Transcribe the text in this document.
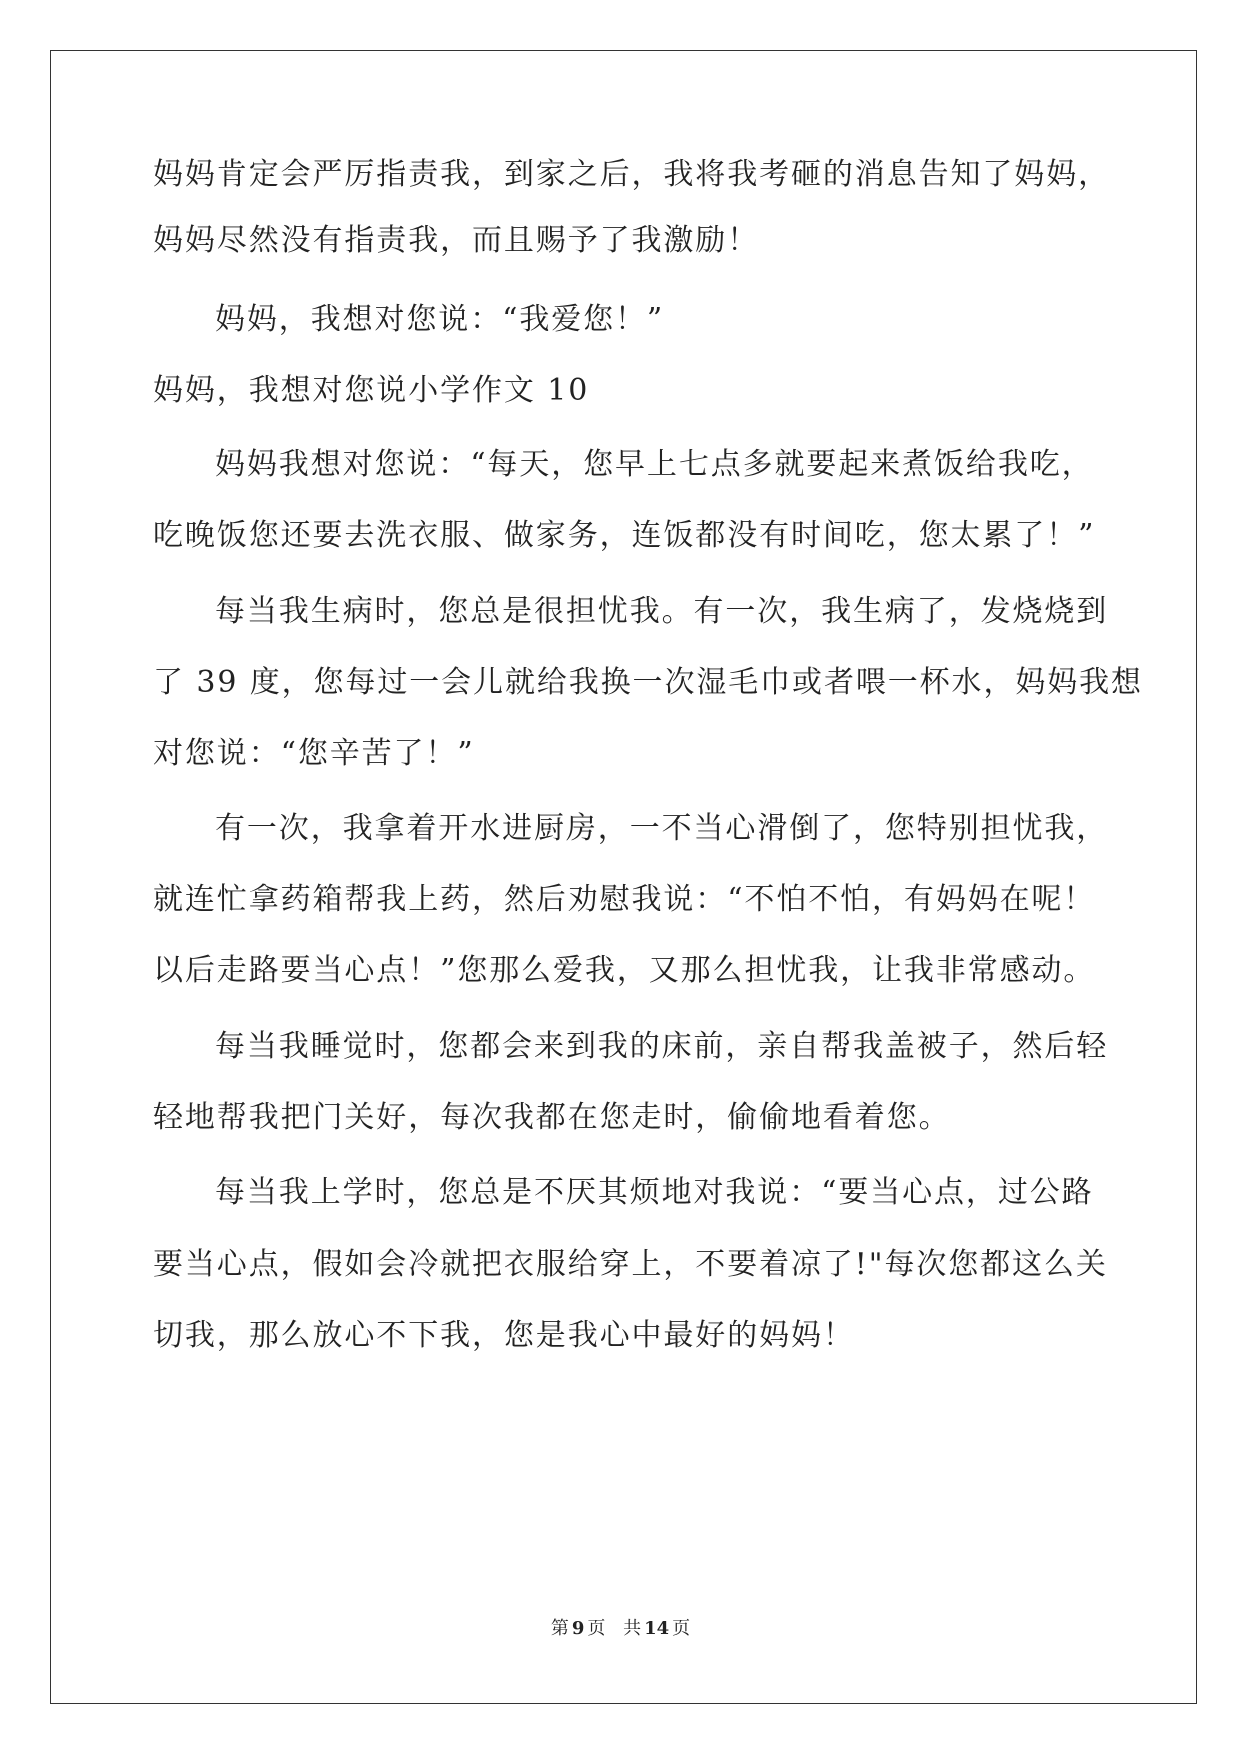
妈妈肯定会严厉指责我，到家之后，我将我考砸的消息告知了妈妈，
妈妈尽然没有指责我，而且赐予了我激励！
妈妈，我想对您说：“我爱您！”
妈妈，我想对您说小学作文 10
妈妈我想对您说：“每天，您早上七点多就要起来煮饭给我吃，
吃晚饭您还要去洗衣服、做家务，连饭都没有时间吃，您太累了！”
每当我生病时，您总是很担忧我。有一次，我生病了，发烧烧到
了 39 度，您每过一会儿就给我换一次湿毛巾或者喂一杯水，妈妈我想
对您说：“您辛苦了！”
有一次，我拿着开水进厨房，一不当心滑倒了，您特别担忧我，
就连忙拿药箱帮我上药，然后劝慰我说：“不怕不怕，有妈妈在呢！
以后走路要当心点！”您那么爱我，又那么担忧我，让我非常感动。
每当我睡觉时，您都会来到我的床前，亲自帮我盖被子，然后轻
轻地帮我把门关好，每次我都在您走时，偷偷地看着您。
每当我上学时，您总是不厌其烦地对我说：“要当心点，过公路
要当心点，假如会冷就把衣服给穿上，不要着凉了!"每次您都这么关
切我，那么放心不下我，您是我心中最好的妈妈！
第 9 页 共 14 页
